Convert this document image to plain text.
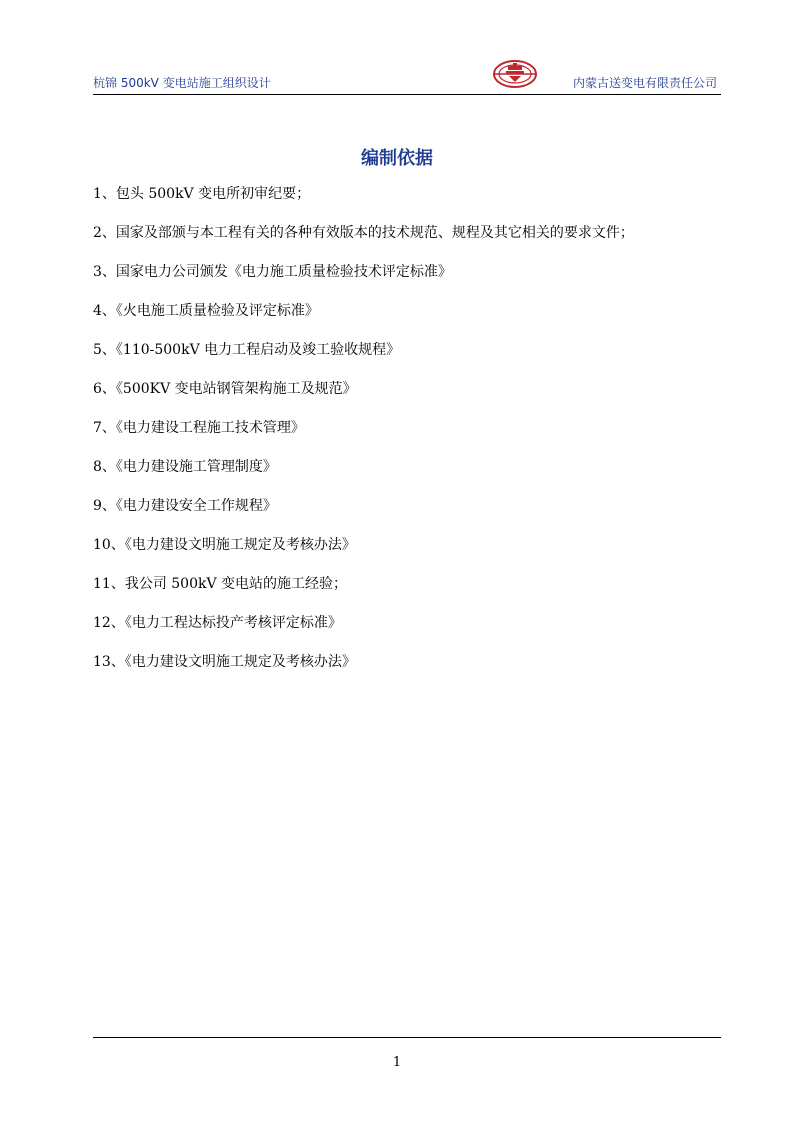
杭锦 500kV 变电站施工组织设计	内蒙古送变电有限责任公司
编制依据
1、包头 500kV 变电所初审纪要；
2、国家及部颁与本工程有关的各种有效版本的技术规范、规程及其它相关的要求文件；
3、国家电力公司颁发《电力施工质量检验技术评定标准》
4、《火电施工质量检验及评定标准》
5、《110-500kV 电力工程启动及竣工验收规程》
6、《500KV 变电站钢管架构施工及规范》
7、《电力建设工程施工技术管理》
8、《电力建设施工管理制度》
9、《电力建设安全工作规程》
10、《电力建设文明施工规定及考核办法》
11、我公司 500kV 变电站的施工经验；
12、《电力工程达标投产考核评定标准》
13、《电力建设文明施工规定及考核办法》
1
